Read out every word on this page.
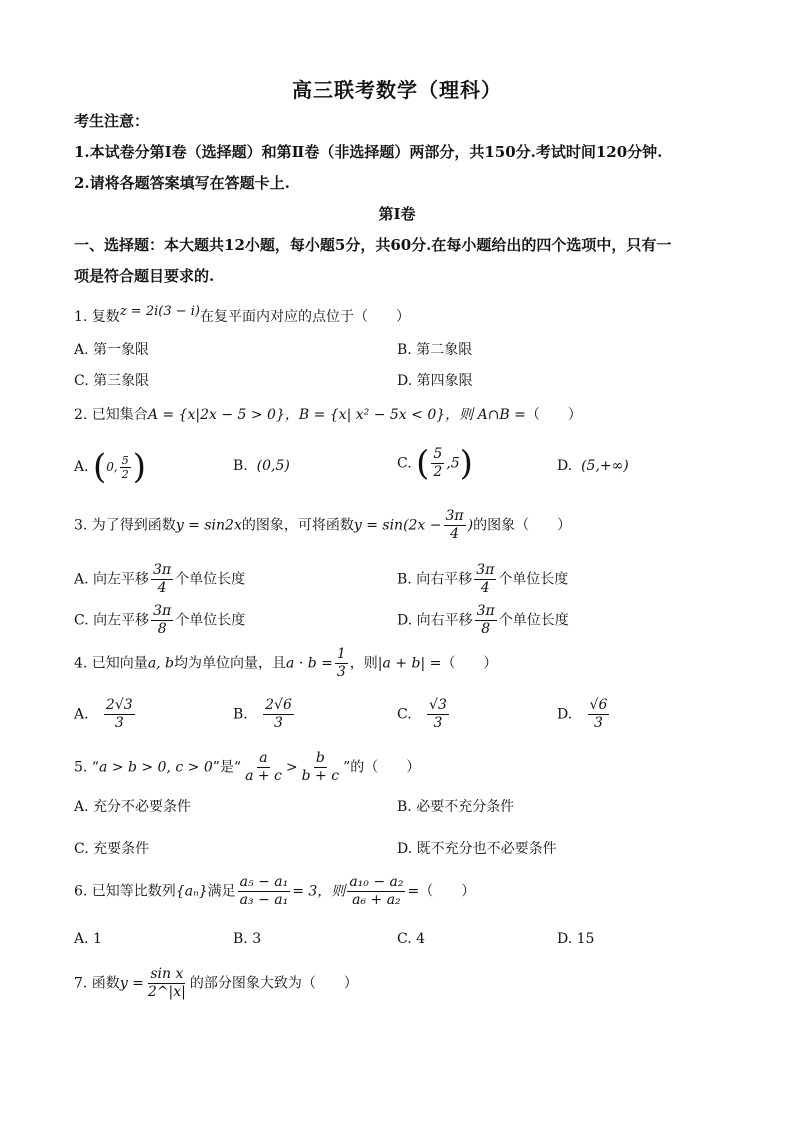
高三联考数学（理科）
考生注意：
1.本试卷分第Ⅰ卷（选择题）和第Ⅱ卷（非选择题）两部分，共150分.考试时间120分钟.
2.请将各题答案填写在答题卡上.
第Ⅰ卷
一、选择题：本大题共12小题，每小题5分，共60分.在每小题给出的四个选项中，只有一
项是符合题目要求的.
1. 复数z = 2i(3 − i)在复平面内对应的点位于（　　）
A. 第一象限	B. 第二象限
C. 第三象限	D. 第四象限
2. 已知集合A = {x|2x − 5 > 0}，B = {x| x² − 5x < 0}，则 A∩B =（　　）
A. (0, $\frac{5}{2}$ )	B. (0,5)	C. ( $\frac{5}{2} ,5$)	D. (5,+∞)
3. 为了得到函数y = sin2x的图象，可将函数$y = \sin(2x - \frac{3\pi}{4}$ )的图象（　　）
A. 向左平移 $\frac{3\pi}{4}$ 个单位长度	B. 向右平移 $\frac{3\pi}{4}$ 个单位长度
C. 向左平移 $\frac{3\pi}{8}$ 个单位长度	D. 向右平移 $\frac{3\pi}{8}$ 个单位长度
4. 已知向量a, b均为单位向量，且$a \cdot b = \frac{1}{3}$ ，则|a + b| =（　　）
A. $\frac{2√3}{3}$	B. $\frac{2√6}{3}$	C. $\frac{√3}{3}$	D. $\frac{√6}{3}$
5. “a > b > 0, c > 0”是“ $\frac{a}{a + c} > \frac{b}{b + c}$ ”的（　　）
A. 充分不必要条件	B. 必要不充分条件
C. 充要条件	D. 既不充分也不必要条件
6. 已知等比数列{aₙ}满足 $\frac{\text{a₅ − a₁}}{\text{a₃ − a₁}} = 3$，则 $\frac{\text{a₁₀ − a₂}}{\text{a₆ + a₂}}$ =（　　）
A. 1	B. 3	C. 4	D. 15
7. 函数$y = \frac{\text{sin x}}{2\^{}|x|}$ 的部分图象大致为（　　）
